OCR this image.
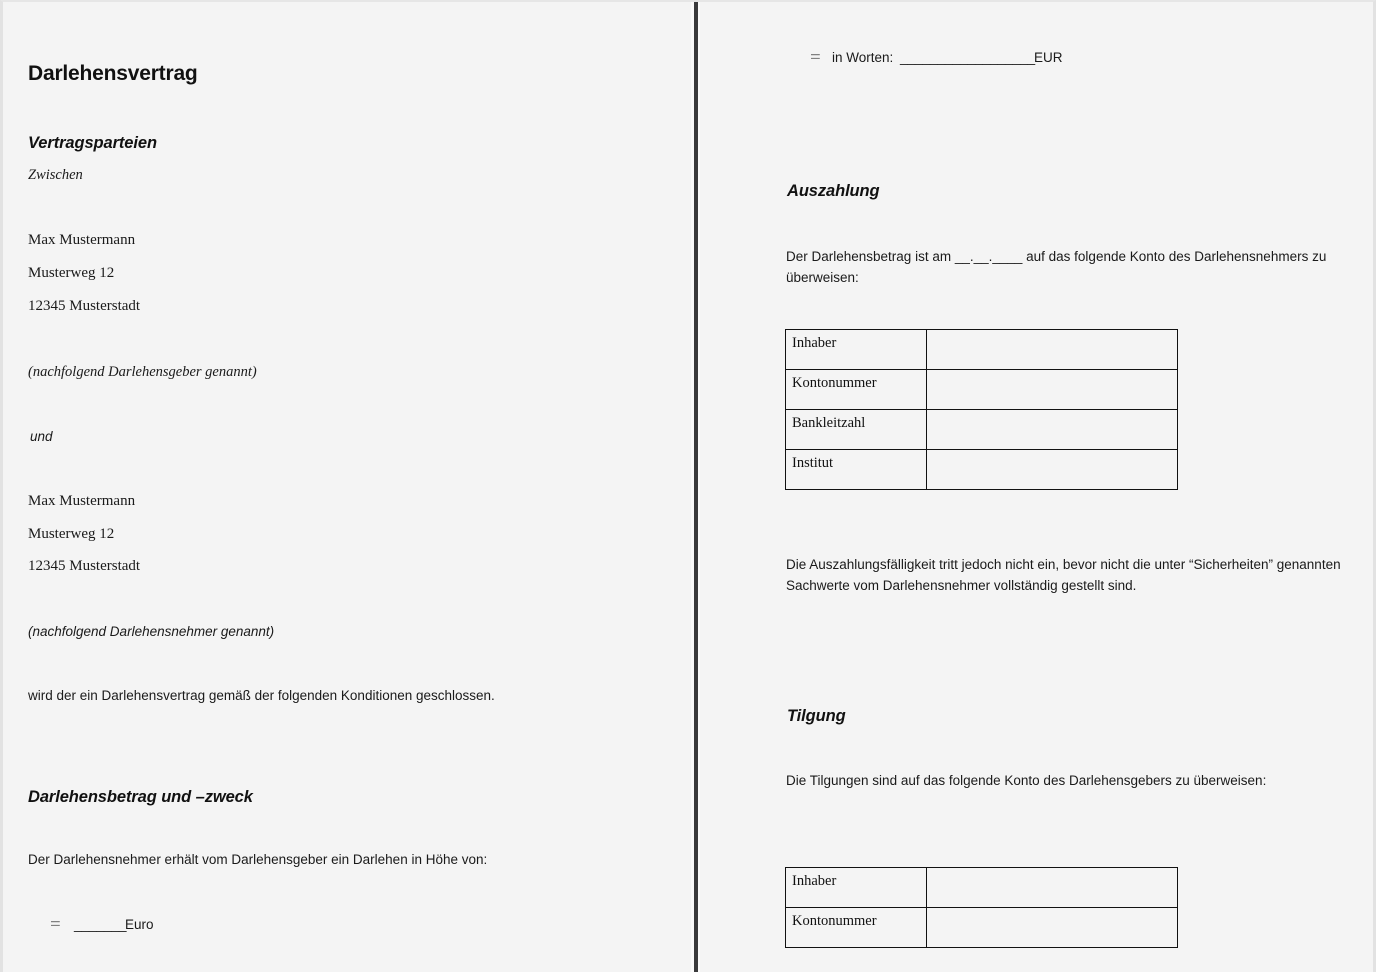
Darlehensvertrag
Vertragsparteien
Zwischen
Max Mustermann
Musterweg 12
12345 Musterstadt
(nachfolgend Darlehensgeber genannt)
und
Max Mustermann
Musterweg 12
12345 Musterstadt
(nachfolgend Darlehensnehmer genannt)
wird der ein Darlehensvertrag gemäß der folgenden Konditionen geschlossen.
Darlehensbetrag und –zweck
Der Darlehensnehmer erhält vom Darlehensgeber ein Darlehen in Höhe von:
⚌ _______
Euro
⚌ in Worten: __________________
EUR
Auszahlung
Der Darlehensbetrag ist am __.__.____ auf das folgende Konto des Darlehensnehmers zu überweisen:
Inhaber	
Kontonummer	
Bankleitzahl	
Institut	
Die Auszahlungsfälligkeit tritt jedoch nicht ein, bevor nicht die unter “Sicherheiten” genannten Sachwerte vom Darlehensnehmer vollständig gestellt sind.
Tilgung
Die Tilgungen sind auf das folgende Konto des Darlehensgebers zu überweisen:
Inhaber	
Kontonummer	
